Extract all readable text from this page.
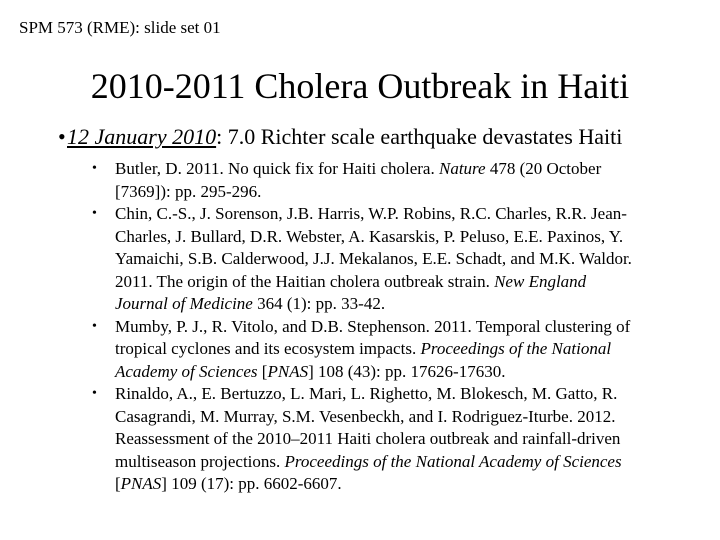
SPM 573 (RME): slide set 01
2010-2011 Cholera Outbreak in Haiti
• 12 January 2010: 7.0 Richter scale earthquake devastates Haiti
• Butler, D. 2011. No quick fix for Haiti cholera. Nature 478 (20 October
[7369]): pp. 295-296.
• Chin, C.-S., J. Sorenson, J.B. Harris, W.P. Robins, R.C. Charles, R.R. Jean-
Charles, J. Bullard, D.R. Webster, A. Kasarskis, P. Peluso, E.E. Paxinos, Y.
Yamaichi, S.B. Calderwood, J.J. Mekalanos, E.E. Schadt, and M.K. Waldor.
2011. The origin of the Haitian cholera outbreak strain. New England
Journal of Medicine 364 (1): pp. 33-42.
• Mumby, P. J., R. Vitolo, and D.B. Stephenson. 2011. Temporal clustering of
tropical cyclones and its ecosystem impacts. Proceedings of the National
Academy of Sciences [PNAS] 108 (43): pp. 17626-17630.
• Rinaldo, A., E. Bertuzzo, L. Mari, L. Righetto, M. Blokesch, M. Gatto, R.
Casagrandi, M. Murray, S.M. Vesenbeckh, and I. Rodriguez-Iturbe. 2012.
Reassessment of the 2010–2011 Haiti cholera outbreak and rainfall-driven
multiseason projections. Proceedings of the National Academy of Sciences
[PNAS] 109 (17): pp. 6602-6607.
